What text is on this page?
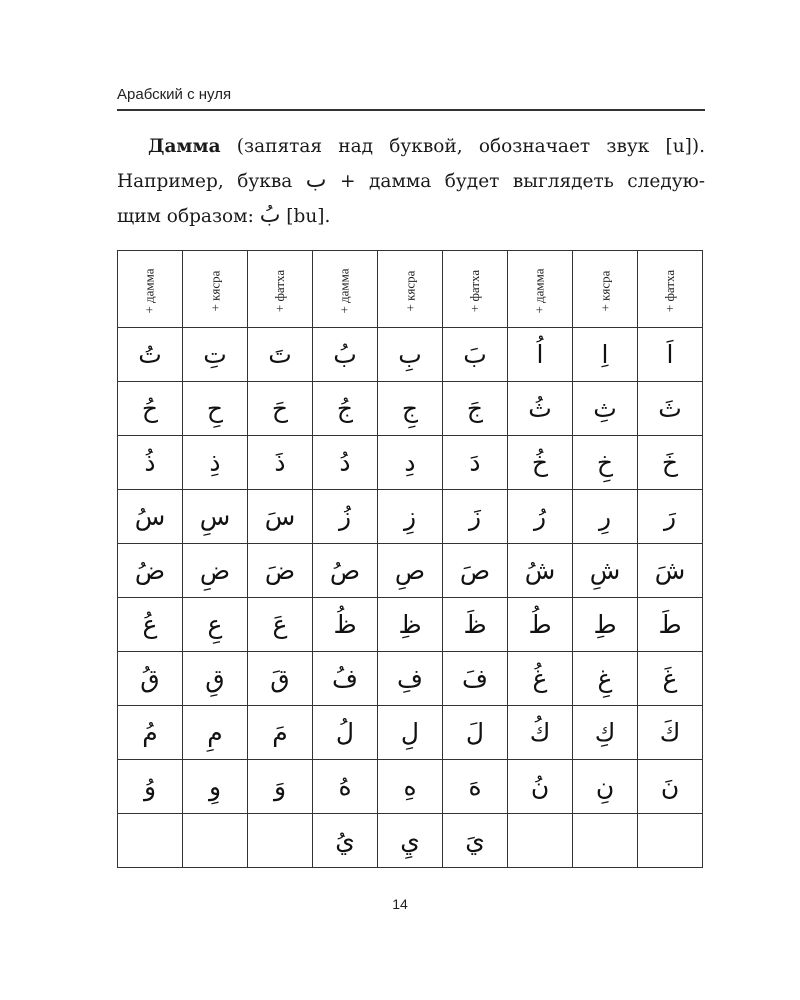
Арабский с нуля
Дамма (запятая над буквой, обозначает звук [u]).
Например, буква ب + дамма будет выглядеть следую-
щим образом: بُ [bu].
+ дамма	+ кясра	+ фатха	+ дамма	+ кясра	+ фатха	+ дамма	+ кясра	+ фатха
تُ	تِ	تَ	بُ	بِ	بَ	اُ	اِ	اَ
حُ	حِ	حَ	جُ	جِ	جَ	ثُ	ثِ	ثَ
ذُ	ذِ	ذَ	دُ	دِ	دَ	خُ	خِ	خَ
سُ	سِ	سَ	زُ	زِ	زَ	رُ	رِ	رَ
ضُ	ضِ	ضَ	صُ	صِ	صَ	شُ	شِ	شَ
عُ	عِ	عَ	ظُ	ظِ	ظَ	طُ	طِ	طَ
قُ	قِ	قَ	فُ	فِ	فَ	غُ	غِ	غَ
مُ	مِ	مَ	لُ	لِ	لَ	كُ	كِ	كَ
وُ	وِ	وَ	هُ	هِ	هَ	نُ	نِ	نَ
			يُ	يِ	يَ			
14
